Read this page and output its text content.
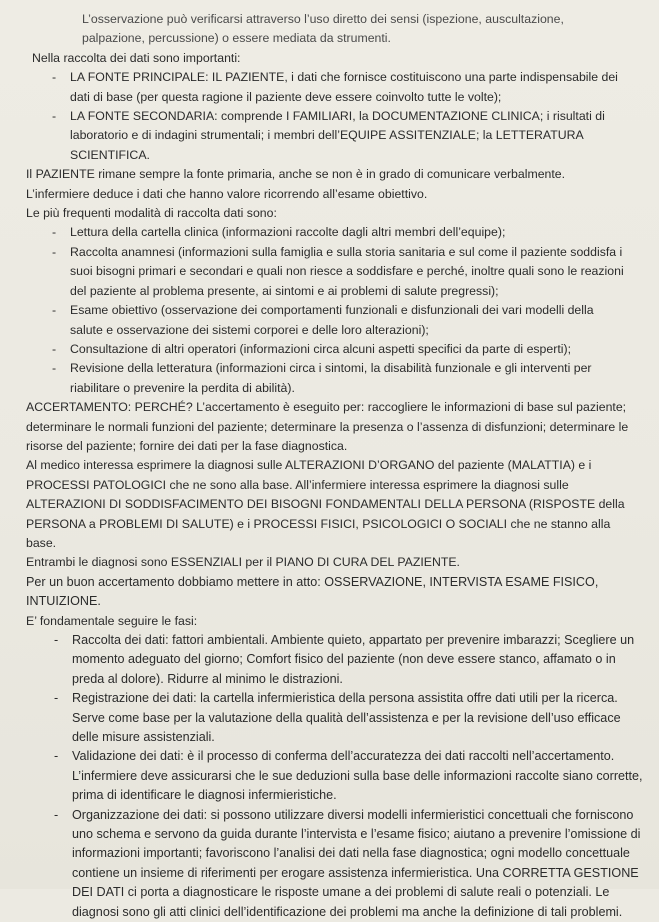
L’osservazione può verificarsi attraverso l’uso diretto dei sensi (ispezione, auscultazione, palpazione, percussione) o essere mediata da strumenti.

Nella raccolta dei dati sono importanti:

- LA FONTE PRINCIPALE: IL PAZIENTE, i dati che fornisce costituiscono una parte indispensabile dei dati di base (per questa ragione il paziente deve essere coinvolto tutte le volte);
- LA FONTE SECONDARIA: comprende I FAMILIARI, la DOCUMENTAZIONE CLINICA; i risultati di laboratorio e di indagini strumentali; i membri dell’EQUIPE ASSITENZIALE; la LETTERATURA SCIENTIFICA.

Il PAZIENTE rimane sempre la fonte primaria, anche se non è in grado di comunicare verbalmente.

L’infermiere deduce i dati che hanno valore ricorrendo all’esame obiettivo.

Le più frequenti modalità di raccolta dati sono:

- Lettura della cartella clinica (informazioni raccolte dagli altri membri dell’equipe);
- Raccolta anamnesi (informazioni sulla famiglia e sulla storia sanitaria e sul come il paziente soddisfa i suoi bisogni primari e secondari e quali non riesce a soddisfare e perché, inoltre quali sono le reazioni del paziente al problema presente, ai sintomi e ai problemi di salute pregressi);
- Esame obiettivo (osservazione dei comportamenti funzionali e disfunzionali dei vari modelli della salute e osservazione dei sistemi corporei e delle loro alterazioni);
- Consultazione di altri operatori (informazioni circa alcuni aspetti specifici da parte di esperti);
- Revisione della letteratura (informazioni circa i sintomi, la disabilità funzionale e gli interventi per riabilitare o prevenire la perdita di abilità).

ACCERTAMENTO: PERCHÉ? L’accertamento è eseguito per: raccogliere le informazioni di base sul paziente; determinare le normali funzioni del paziente; determinare la presenza o l’assenza di disfunzioni; determinare le risorse del paziente; fornire dei dati per la fase diagnostica.

Al medico interessa esprimere la diagnosi sulle ALTERAZIONI D’ORGANO del paziente (MALATTIA) e i PROCESSI PATOLOGICI che ne sono alla base. All’infermiere interessa esprimere la diagnosi sulle ALTERAZIONI DI SODDISFACIMENTO DEI BISOGNI FONDAMENTALI DELLA PERSONA (RISPOSTE della PERSONA a PROBLEMI DI SALUTE) e i PROCESSI FISICI, PSICOLOGICI O SOCIALI che ne stanno alla base.

Entrambi le diagnosi sono ESSENZIALI per il PIANO DI CURA DEL PAZIENTE.

Per un buon accertamento dobbiamo mettere in atto: OSSERVAZIONE, INTERVISTA ESAME FISICO, INTUIZIONE.

E’ fondamentale seguire le fasi:

- Raccolta dei dati: fattori ambientali. Ambiente quieto, appartato per prevenire imbarazzi; Scegliere un momento adeguato del giorno; Comfort fisico del paziente (non deve essere stanco, affamato o in preda al dolore). Ridurre al minimo le distrazioni.
- Registrazione dei dati: la cartella infermieristica della persona assistita offre dati utili per la ricerca. Serve come base per la valutazione della qualità dell’assistenza e per la revisione dell’uso efficace delle misure assistenziali.
- Validazione dei dati: è il processo di conferma dell’accuratezza dei dati raccolti nell’accertamento. L’infermiere deve assicurarsi che le sue deduzioni sulla base delle informazioni raccolte siano corrette, prima di identificare le diagnosi infermieristiche.
- Organizzazione dei dati: si possono utilizzare diversi modelli infermieristici concettuali che forniscono uno schema e servono da guida durante l’intervista e l’esame fisico; aiutano a prevenire l’omissione di informazioni importanti; favoriscono l’analisi dei dati nella fase diagnostica; ogni modello concettuale contiene un insieme di riferimenti per erogare assistenza infermieristica. Una CORRETTA GESTIONE DEI DATI ci porta a diagnosticare le risposte umane a dei problemi di salute reali o potenziali. Le diagnosi sono gli atti clinici dell’identificazione dei problemi ma anche la definizione di tali problemi.
